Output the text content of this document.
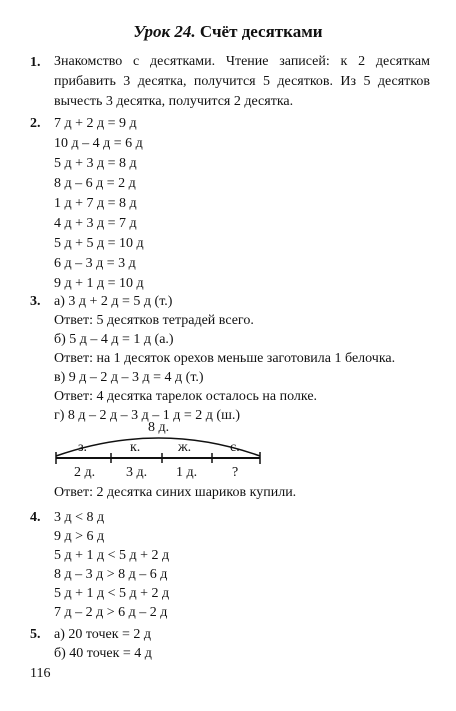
Урок 24. Счёт десятками
1. Знакомство с десятками. Чтение записей: к 2 десяткам прибавить 3 десятка, получится 5 десятков. Из 5 десятков вычесть 3 десятка, получится 2 десятка.
2. 7 д + 2 д = 9 д
10 д – 4 д = 6 д
5 д + 3 д = 8 д
8 д – 6 д = 2 д
1 д + 7 д = 8 д
4 д + 3 д = 7 д
5 д + 5 д = 10 д
6 д – 3 д = 3 д
9 д + 1 д = 10 д
3. а) 3 д + 2 д = 5 д (т.)
Ответ: 5 десятков тетрадей всего.
б) 5 д – 4 д = 1 д (а.)
Ответ: на 1 десяток орехов меньше заготовила 1 белочка.
в) 9 д – 2 д – 3 д = 4 д (т.)
Ответ: 4 десятка тарелок осталось на полке.
г) 8 д – 2 д – 3 д – 1 д = 2 д (ш.)
8 д.
з.	к.	ж.	с.
2 д. 3 д. 1 д. ?
Ответ: 2 десятка синих шариков купили.
4. 3 д < 8 д
9 д > 6 д
5 д + 1 д < 5 д + 2 д
8 д – 3 д > 8 д – 6 д
5 д + 1 д < 5 д + 2 д
7 д – 2 д > 6 д – 2 д
5. а) 20 точек = 2 д
б) 40 точек = 4 д
116
